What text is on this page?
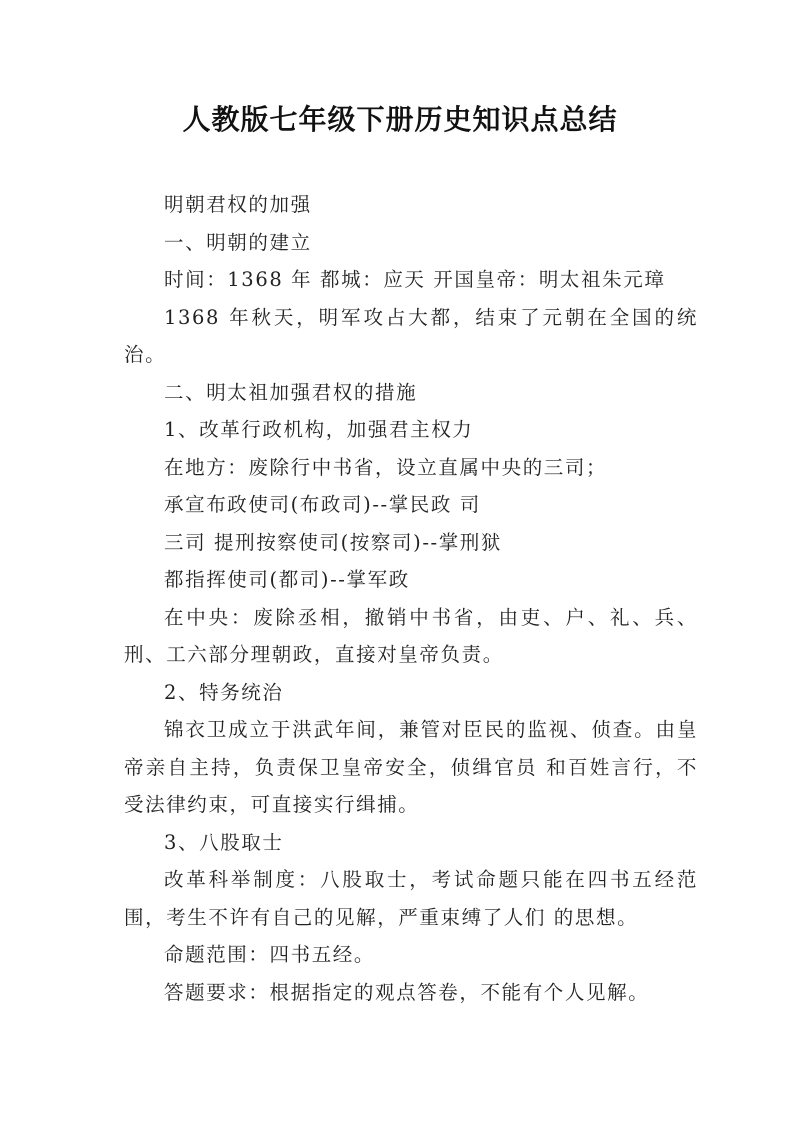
人教版七年级下册历史知识点总结

明朝君权的加强

一、明朝的建立

时间：1368 年 都城：应天 开国皇帝：明太祖朱元璋

1368 年秋天，明军攻占大都，结束了元朝在全国的统治。

二、明太祖加强君权的措施

1、改革行政机构，加强君主权力

在地方：废除行中书省，设立直属中央的三司；

承宣布政使司(布政司)--掌民政 司

三司 提刑按察使司(按察司)--掌刑狱

都指挥使司(都司)--掌军政

在中央：废除丞相，撤销中书省，由吏、户、礼、兵、刑、工六部分理朝政，直接对皇帝负责。

2、特务统治

锦衣卫成立于洪武年间，兼管对臣民的监视、侦查。由皇帝亲自主持，负责保卫皇帝安全，侦缉官员 和百姓言行，不受法律约束，可直接实行缉捕。

3、八股取士

改革科举制度：八股取士，考试命题只能在四书五经范围，考生不许有自己的见解，严重束缚了人们 的思想。

命题范围：四书五经。

答题要求：根据指定的观点答卷，不能有个人见解。
